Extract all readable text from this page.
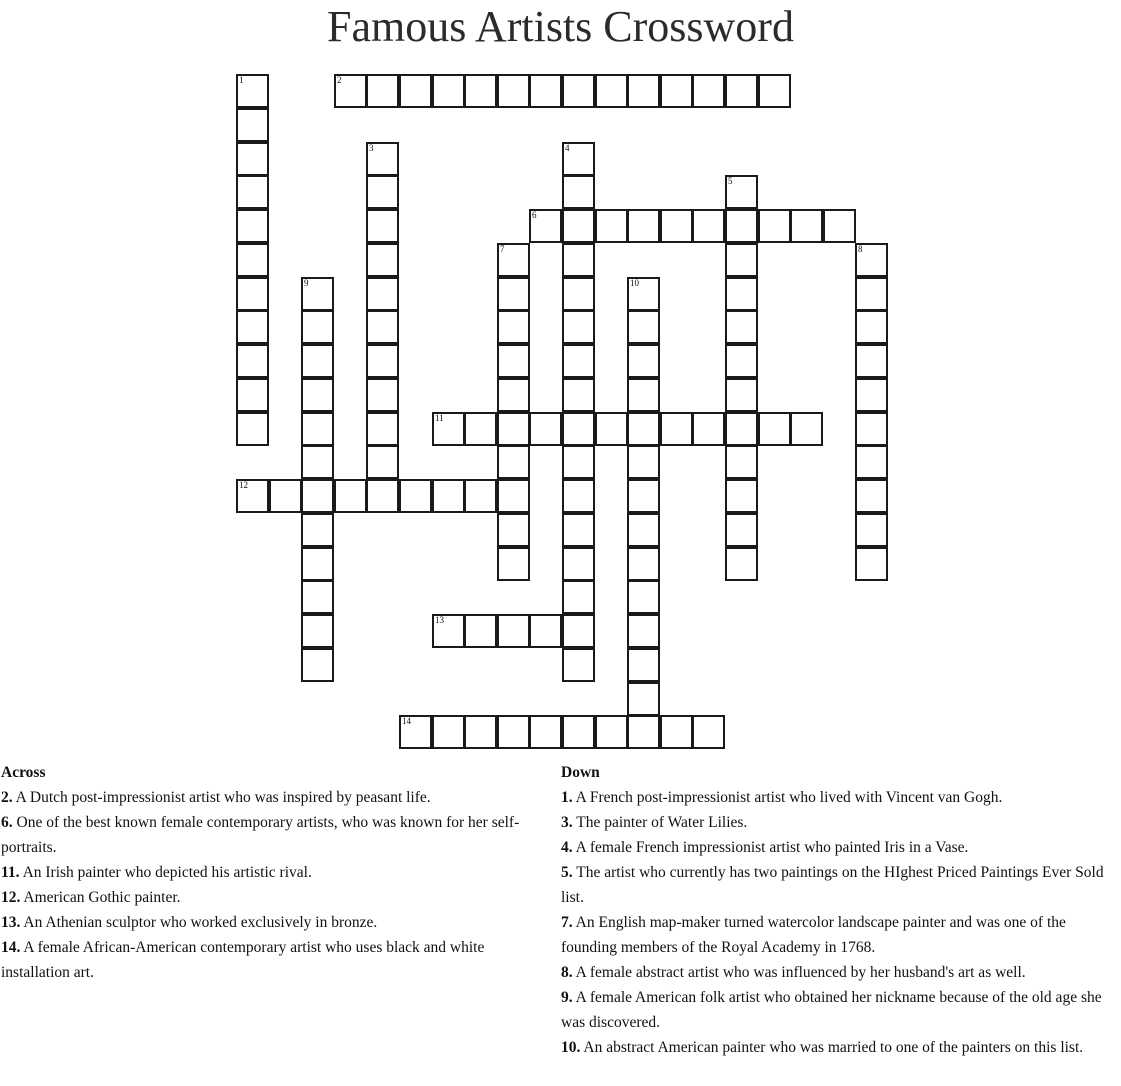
Famous Artists Crossword
1	2
3	4
5
6
7	8
9	10
11
12
13
14
Across

2. A Dutch post-impressionist artist who was inspired by peasant life.

6. One of the best known female contemporary artists, who was known for her self-portraits.

11. An Irish painter who depicted his artistic rival.

12. American Gothic painter.

13. An Athenian sculptor who worked exclusively in bronze.

14. A female African-American contemporary artist who uses black and white installation art.

Down

1. A French post-impressionist artist who lived with Vincent van Gogh.

3. The painter of Water Lilies.

4. A female French impressionist artist who painted Iris in a Vase.

5. The artist who currently has two paintings on the HIghest Priced Paintings Ever Sold list.

7. An English map-maker turned watercolor landscape painter and was one of the founding members of the Royal Academy in 1768.

8. A female abstract artist who was influenced by her husband's art as well.

9. A female American folk artist who obtained her nickname because of the old age she was discovered.

10. An abstract American painter who was married to one of the painters on this list.
